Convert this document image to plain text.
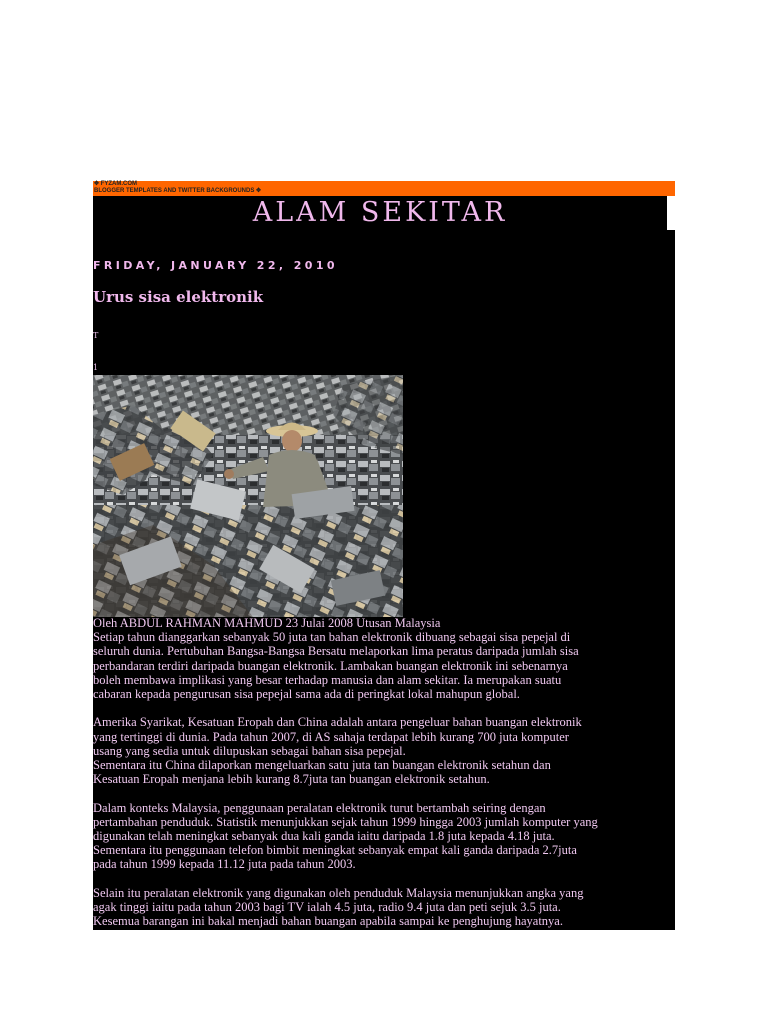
✥ FYZAM.COM
BLOGGER TEMPLATES AND TWITTER BACKGROUNDS ✥
ALAM SEKITAR
FRIDAY, JANUARY 22, 2010
Urus sisa elektronik
T
1

Oleh ABDUL RAHMAN MAHMUD 23 Julai 2008 Utusan Malaysia
Setiap tahun dianggarkan sebanyak 50 juta tan bahan elektronik dibuang sebagai sisa pepejal di
seluruh dunia. Pertubuhan Bangsa-Bangsa Bersatu melaporkan lima peratus daripada jumlah sisa
perbandaran terdiri daripada buangan elektronik. Lambakan buangan elektronik ini sebenarnya
boleh membawa implikasi yang besar terhadap manusia dan alam sekitar. Ia merupakan suatu
cabaran kepada pengurusan sisa pepejal sama ada di peringkat lokal mahupun global.

Amerika Syarikat, Kesatuan Eropah dan China adalah antara pengeluar bahan buangan elektronik
yang tertinggi di dunia. Pada tahun 2007, di AS sahaja terdapat lebih kurang 700 juta komputer
usang yang sedia untuk dilupuskan sebagai bahan sisa pepejal.
Sementara itu China dilaporkan mengeluarkan satu juta tan buangan elektronik setahun dan
Kesatuan Eropah menjana lebih kurang 8.7juta tan buangan elektronik setahun.

Dalam konteks Malaysia, penggunaan peralatan elektronik turut bertambah seiring dengan
pertambahan penduduk. Statistik menunjukkan sejak tahun 1999 hingga 2003 jumlah komputer yang
digunakan telah meningkat sebanyak dua kali ganda iaitu daripada 1.8 juta kepada 4.18 juta.
Sementara itu penggunaan telefon bimbit meningkat sebanyak empat kali ganda daripada 2.7juta
pada tahun 1999 kepada 11.12 juta pada tahun 2003.

Selain itu peralatan elektronik yang digunakan oleh penduduk Malaysia menunjukkan angka yang
agak tinggi iaitu pada tahun 2003 bagi TV ialah 4.5 juta, radio 9.4 juta dan peti sejuk 3.5 juta.
Kesemua barangan ini bakal menjadi bahan buangan apabila sampai ke penghujung hayatnya.
